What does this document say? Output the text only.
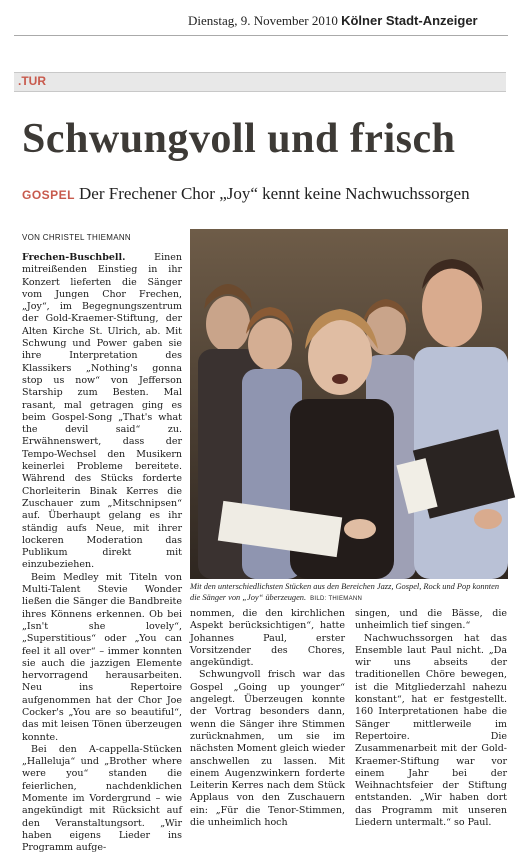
Dienstag, 9. November 2010 Kölner Stadt-Anzeiger
.TUR
Schwungvoll und frisch
GOSPEL Der Frechener Chor „Joy“ kennt keine Nachwuchssorgen
VON CHRISTEL THIEMANN

Frechen-Buschbell.	Einen mitreißenden Einstieg in ihr Konzert lieferten die Sänger vom Jungen Chor Frechen, „Joy“, im Begegnungszentrum der Gold-Kraemer-Stiftung, der Alten Kirche St. Ulrich, ab. Mit Schwung und Power gaben sie ihre Interpretation des Klassikers „Nothing's gonna stop us now“ von Jefferson Starship zum Besten. Mal rasant, mal getragen ging es beim Gospel-Song „That's what the devil said“ zu. Erwähnenswert, dass der Tempo-Wechsel den Musikern keinerlei Probleme bereitete. Während des Stücks forderte Chorleiterin Binak Kerres die Zuschauer zum „Mitschnipsen“ auf. Überhaupt gelang es ihr ständig aufs Neue, mit ihrer lockeren Moderation das Publikum direkt mit einzubeziehen.

Beim Medley mit Titeln von Multi-Talent Stevie Wonder ließen die Sänger die Bandbreite ihres Könnens erkennen. Ob bei „Isn't she lovely“, „Superstitious“ oder „You can feel it all over“ – immer konnten sie auch die jazzigen Elemente hervorragend herausarbeiten. Neu ins Repertoire aufgenommen hat der Chor Joe Cocker's „You are so beautiful“, das mit leisen Tönen überzeugen konnte.

Bei den A-cappella-Stücken „Halleluja“ und „Brother where were you“ standen die feierlichen, nachdenklichen Momente im Vordergrund – wie angekündigt mit Rücksicht auf den Veranstaltungsort. „Wir haben eigens Lieder ins Programm aufge-

Mit den unterschiedlichsten Stücken aus den Bereichen Jazz, Gospel, Rock und Pop konnten die Sänger von „Joy“ überzeugen. BILD: THIEMANN

nommen, die den kirchlichen Aspekt berücksichtigen“, hatte Johannes Paul, erster Vorsitzender des Chores, angekündigt.

Schwungvoll frisch war das Gospel „Going up younger“ angelegt. Überzeugen konnte der Vortrag besonders dann, wenn die Sänger ihre Stimmen zurücknahmen, um sie im nächsten Moment gleich wieder anschwellen zu lassen. Mit einem Augenzwinkern forderte Leiterin Kerres nach dem Stück Applaus von den Zuschauern ein: „Für die Tenor-Stimmen, die unheimlich hoch

singen, und die Bässe, die unheimlich tief singen.“

Nachwuchssorgen hat das Ensemble laut Paul nicht. „Da wir uns abseits der traditionellen Chöre bewegen, ist die Mitgliederzahl nahezu konstant“, hat er festgestellt. 160 Interpretationen habe die Sänger mittlerweile im Repertoire. Die Zusammenarbeit mit der Gold-Kraemer-Stiftung war vor einem Jahr bei der Weihnachtsfeier der Stiftung entstanden. „Wir haben dort das Programm mit unseren Liedern untermalt.“ so Paul.
